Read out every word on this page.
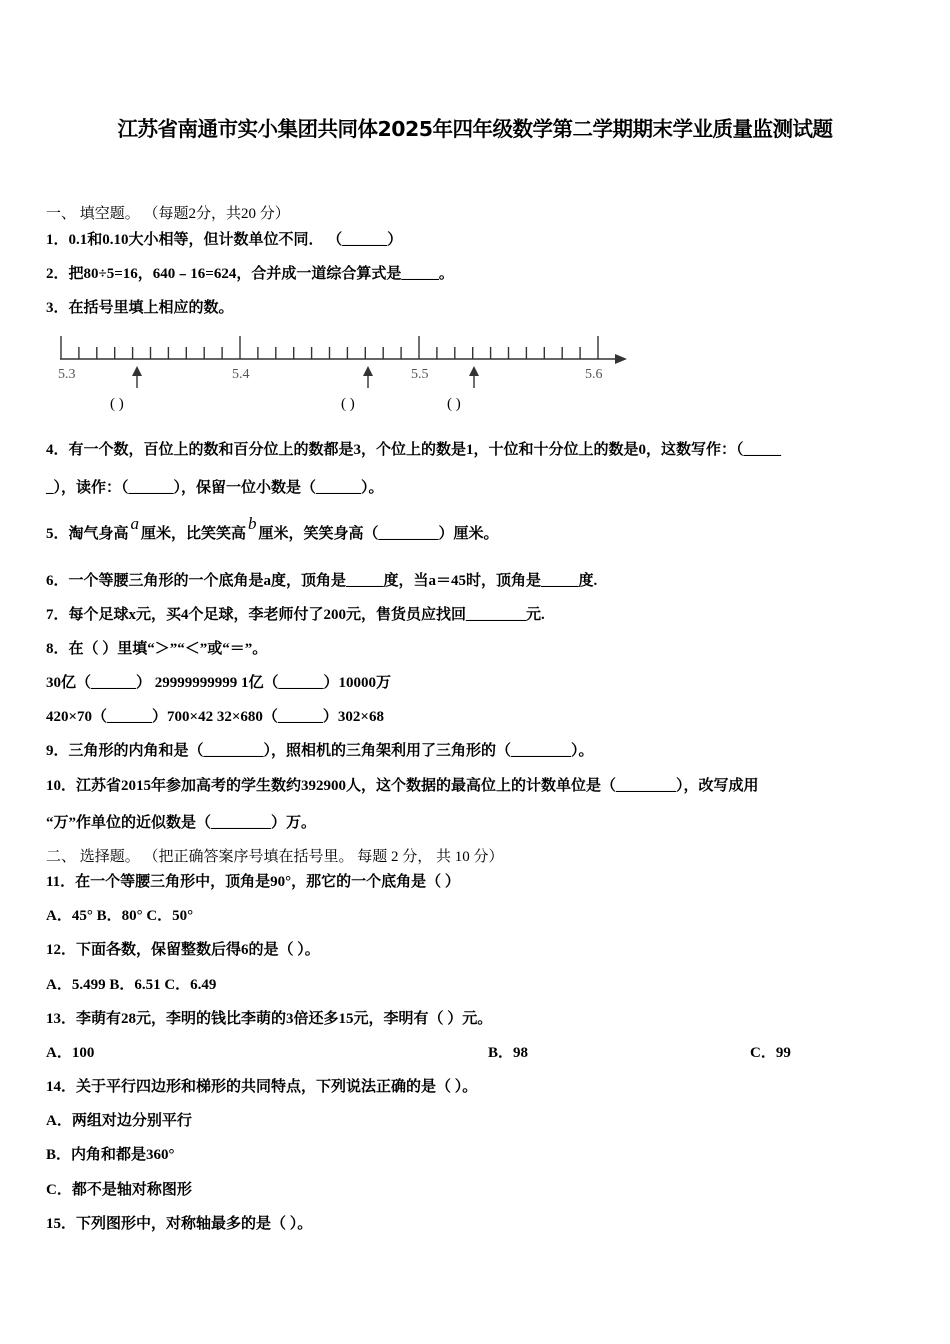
江苏省南通市实小集团共同体2025年四年级数学第二学期期末学业质量监测试题
一、 填空题。 （每题2分，共20 分）
1．0.1和0.10大小相等，但计数单位不同． （______）
2．把80÷5=16，640﹣16=624，合并成一道综合算式是_____。
3．在括号里填上相应的数。
5.3	5.4	5.5	5.6
( )	( )	( )
4．有一个数，百位上的数和百分位上的数都是3，个位上的数是1，十位和十分位上的数是0，这数写作：（_____
_），读作：（______），保留一位小数是（______）。
5．淘气身高a厘米，比笑笑高b厘米，笑笑身高（________）厘米。
6．一个等腰三角形的一个底角是a度，顶角是_____度，当a＝45时，顶角是_____度.
7．每个足球x元，买4个足球，李老师付了200元，售货员应找回________元.
8．在（ ）里填“＞”“＜”或“＝”。
30亿（______） 29999999999 1亿（______）10000万
420×70（______）700×42 32×680（______）302×68
9．三角形的内角和是（________），照相机的三角架利用了三角形的（________）。
10．江苏省2015年参加高考的学生数约392900人，这个数据的最高位上的计数单位是（________），改写成用
“万”作单位的近似数是（________）万。
二、 选择题。 （把正确答案序号填在括号里。 每题 2 分， 共 10 分）
11．在一个等腰三角形中，顶角是90°，那它的一个底角是（ ）
A．45° B．80° C．50°
12．下面各数，保留整数后得6的是（ ）。
A．5.499 B．6.51 C．6.49
13．李萌有28元，李明的钱比李萌的3倍还多15元，李明有（ ）元。
A．100	B．98	C．99
14．关于平行四边形和梯形的共同特点，下列说法正确的是（ ）。
A．两组对边分别平行
B．内角和都是360°
C．都不是轴对称图形
15．下列图形中，对称轴最多的是（ ）。
